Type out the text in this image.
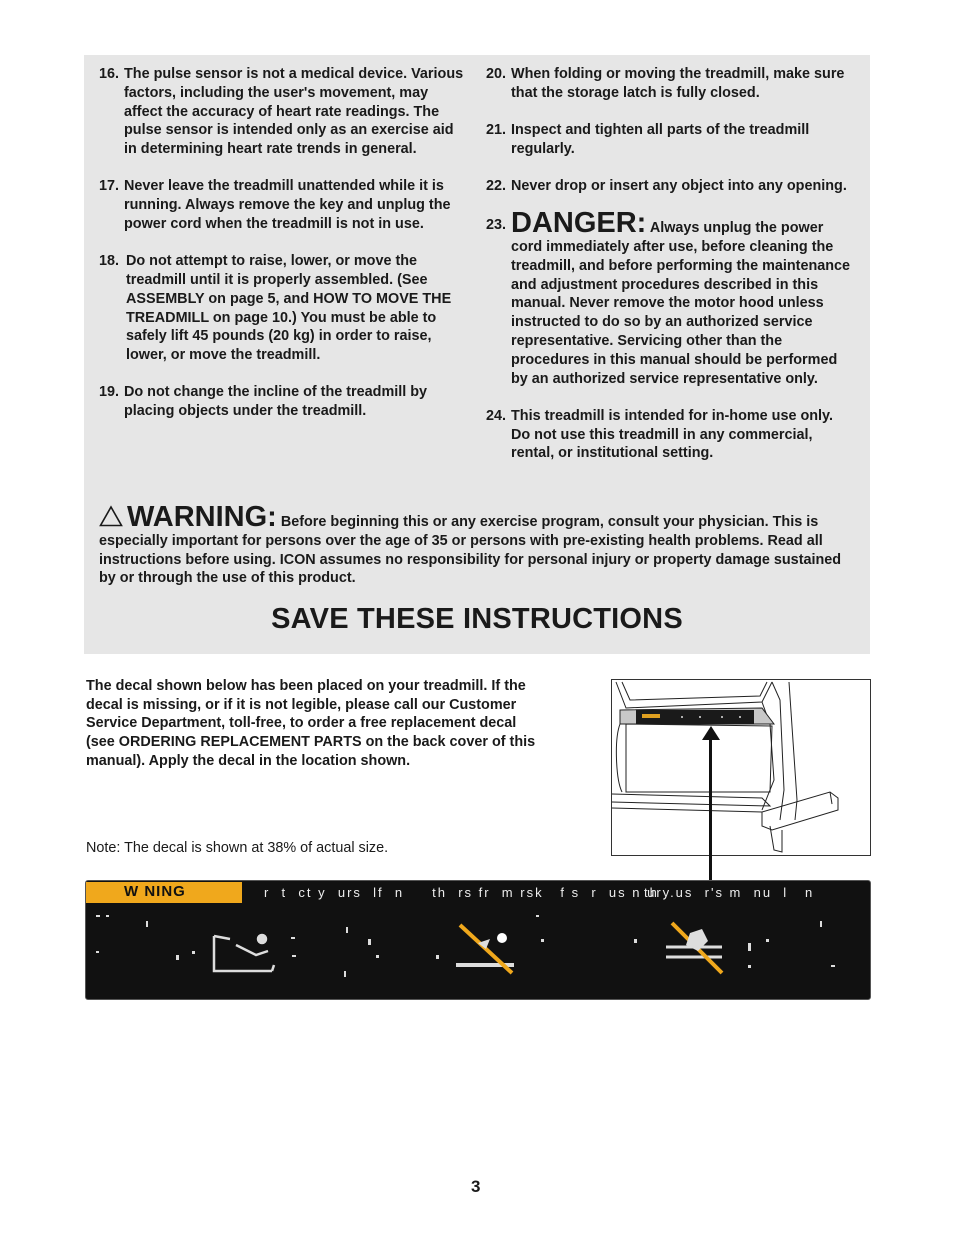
16. The pulse sensor is not a medical device. Various factors, including the user's movement, may affect the accuracy of heart rate readings. The pulse sensor is intended only as an exercise aid in determining heart rate trends in general.
17. Never leave the treadmill unattended while it is running. Always remove the key and unplug the power cord when the treadmill is not in use.
18. Do not attempt to raise, lower, or move the treadmill until it is properly assembled. (See ASSEMBLY on page 5, and HOW TO MOVE THE TREADMILL on page 10.) You must be able to safely lift 45 pounds (20 kg) in order to raise, lower, or move the treadmill.
19. Do not change the incline of the treadmill by placing objects under the treadmill.
20. When folding or moving the treadmill, make sure that the storage latch is fully closed.
21. Inspect and tighten all parts of the treadmill regularly.
22. Never drop or insert any object into any opening.
23. DANGER: Always unplug the power cord immediately after use, before cleaning the treadmill, and before performing the maintenance and adjustment procedures described in this manual. Never remove the motor hood unless instructed to do so by an authorized service representative. Servicing other than the procedures in this manual should be performed by an authorized service representative only.
24. This treadmill is intended for in-home use only. Do not use this treadmill in any commercial, rental, or institutional setting.
WARNING: Before beginning this or any exercise program, consult your physician. This is especially important for persons over the age of 35 or persons with pre-existing health problems. Read all instructions before using. ICON assumes no responsibility for personal injury or property damage sustained by or through the use of this product.
SAVE THESE INSTRUCTIONS
The decal shown below has been placed on your treadmill. If the decal is missing, or if it is not legible, please call our Customer Service Department, toll-free, to order a free replacement decal (see ORDERING REPLACEMENT PARTS on the back cover of this manual). Apply the decal in the location shown.
Note: The decal is shown at 38% of actual size.
W NING	r  t  ct y  urs  lf  n     th  rs fr  m rsk   f s  r  us n ury.
th   us  r's m  nu  l   n
3
